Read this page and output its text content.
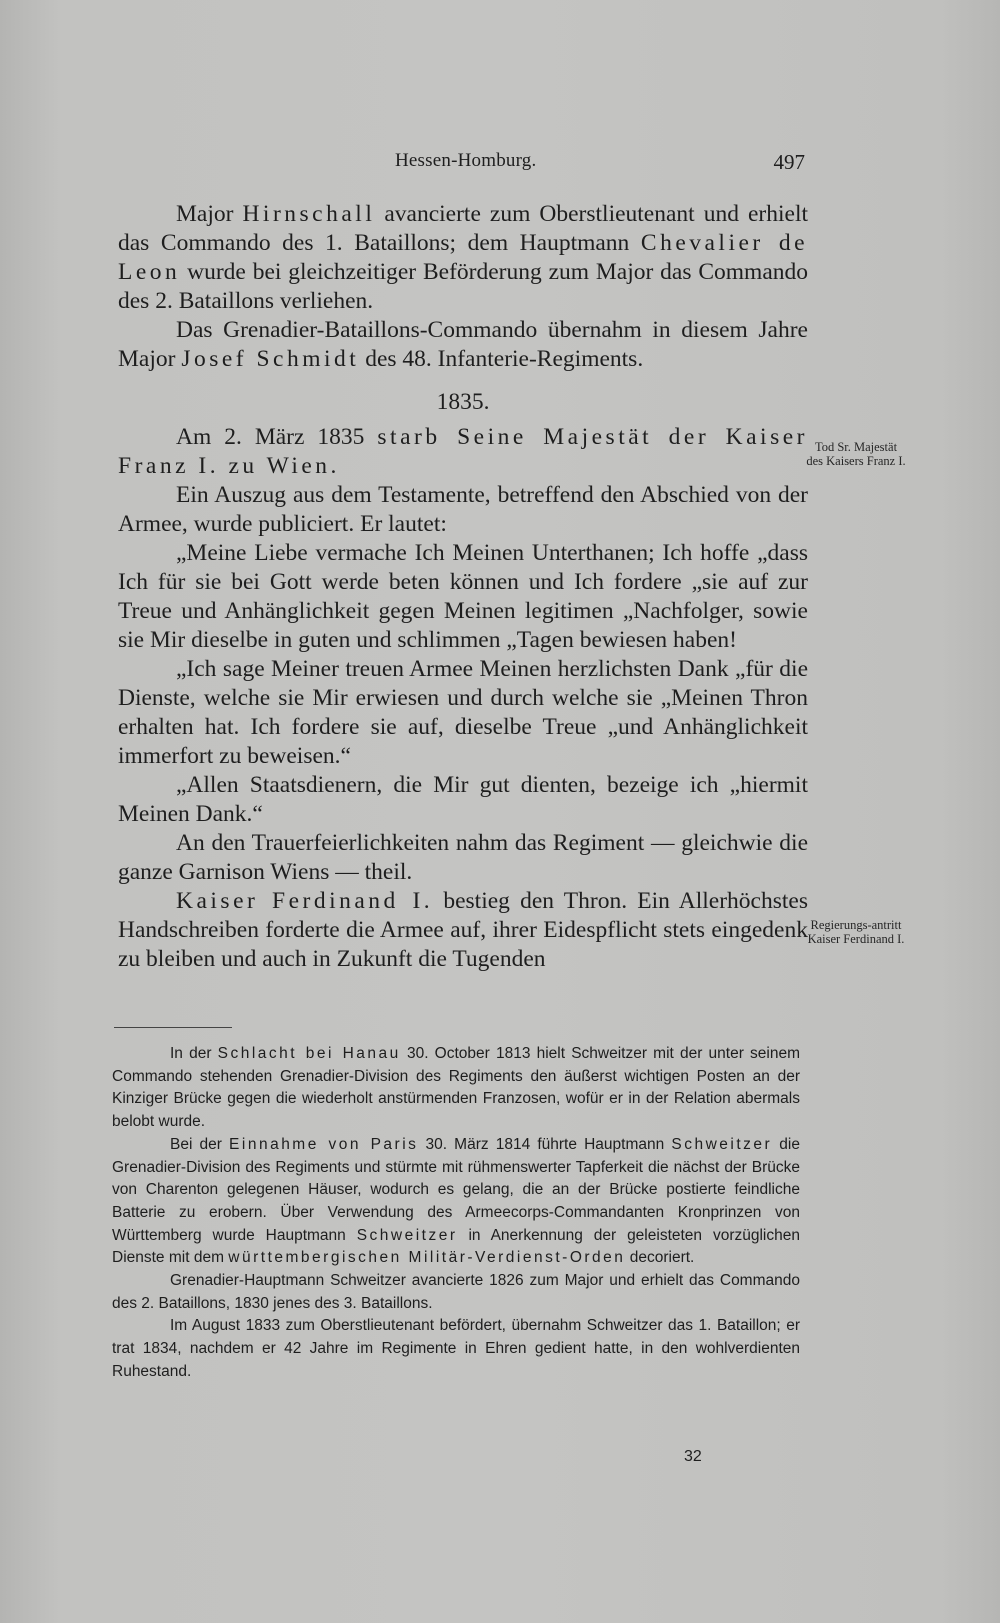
Hessen-Homburg.	497

Major Hirnschall avancierte zum Oberstlieutenant und erhielt das Commando des 1. Bataillons; dem Hauptmann Chevalier de Leon wurde bei gleichzeitiger Beförderung zum Major das Commando des 2. Bataillons verliehen.

Das Grenadier-Bataillons-Commando übernahm in diesem Jahre Major Josef Schmidt des 48. Infanterie-Regiments.

1835.

Am 2. März 1835 starb Seine Majestät der Kaiser Franz I. zu Wien.

Ein Auszug aus dem Testamente, betreffend den Abschied von der Armee, wurde publiciert. Er lautet:

„Meine Liebe vermache Ich Meinen Unterthanen; Ich hoffe „dass Ich für sie bei Gott werde beten können und Ich fordere „sie auf zur Treue und Anhänglichkeit gegen Meinen legitimen „Nachfolger, sowie sie Mir dieselbe in guten und schlimmen „Tagen bewiesen haben!

„Ich sage Meiner treuen Armee Meinen herzlichsten Dank „für die Dienste, welche sie Mir erwiesen und durch welche sie „Meinen Thron erhalten hat. Ich fordere sie auf, dieselbe Treue „und Anhänglichkeit immerfort zu beweisen.“

„Allen Staatsdienern, die Mir gut dienten, bezeige ich „hiermit Meinen Dank.“

An den Trauerfeierlichkeiten nahm das Regiment — gleichwie die ganze Garnison Wiens — theil.

Kaiser Ferdinand I. bestieg den Thron. Ein Allerhöchstes Handschreiben forderte die Armee auf, ihrer Eidespflicht stets eingedenk zu bleiben und auch in Zukunft die Tugenden

Tod Sr. Majestät des Kaisers Franz I.
Regierungs-antritt Kaiser Ferdinand I.

In der Schlacht bei Hanau 30. October 1813 hielt Schweitzer mit der unter seinem Commando stehenden Grenadier-Division des Regiments den äußerst wichtigen Posten an der Kinziger Brücke gegen die wiederholt anstürmenden Franzosen, wofür er in der Relation abermals belobt wurde.

Bei der Einnahme von Paris 30. März 1814 führte Hauptmann Schweitzer die Grenadier-Division des Regiments und stürmte mit rühmenswerter Tapferkeit die nächst der Brücke von Charenton gelegenen Häuser, wodurch es gelang, die an der Brücke postierte feindliche Batterie zu erobern. Über Verwendung des Armeecorps-Commandanten Kronprinzen von Württemberg wurde Hauptmann Schweitzer in Anerkennung der geleisteten vorzüglichen Dienste mit dem württembergischen Militär-Verdienst-Orden decoriert.

Grenadier-Hauptmann Schweitzer avancierte 1826 zum Major und erhielt das Commando des 2. Bataillons, 1830 jenes des 3. Bataillons.

Im August 1833 zum Oberstlieutenant befördert, übernahm Schweitzer das 1. Bataillon; er trat 1834, nachdem er 42 Jahre im Regimente in Ehren gedient hatte, in den wohlverdienten Ruhestand.

32
